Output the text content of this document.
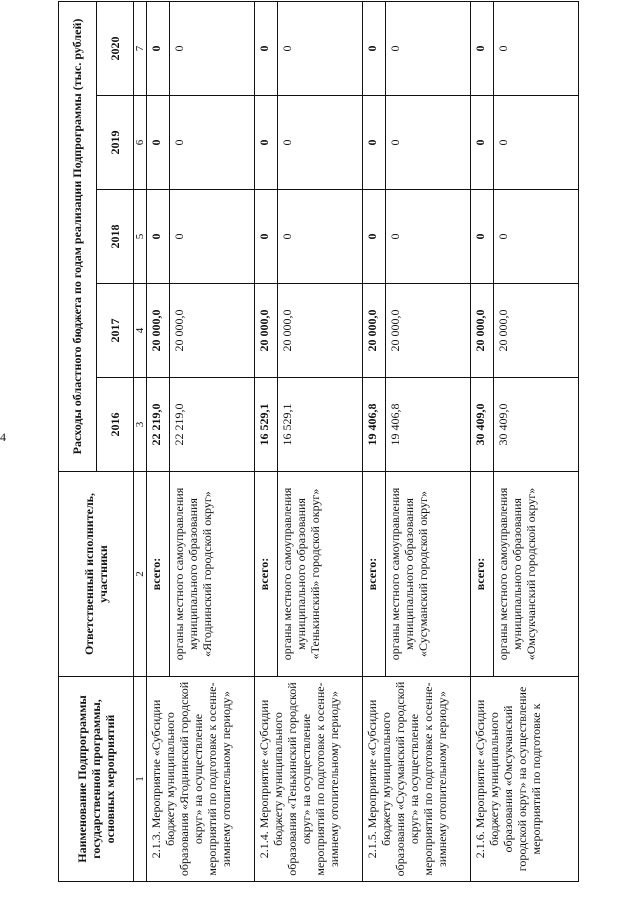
4
Наименование Подпрограммы государственной программы, основных мероприятий	Ответственный исполнитель, участники	Расходы областного бюджета по годам реализации Подпрограммы (тыс. рублей)				
		2016	2017	2018	2019	2020
1	2	3	4	5	6	7
2.1.3. Мероприятие «Субсидии бюджету муниципального образования «Ягоднинский городской округ» на осуществление мероприятий по подготовке к осенне-зимнему отопительному периоду»	всего:	22 219,0	20 000,0	0	0	0
	органы местного самоуправления муниципального образования «Ягоднинский городской округ»	22 219,0	20 000,0	0	0	0
2.1.4. Мероприятие «Субсидии бюджету муниципального образования «Тенькинский городской округ» на осуществление мероприятий по подготовке к осенне-зимнему отопительному периоду»	всего:	16 529,1	20 000,0	0	0	0
	органы местного самоуправления муниципального образования «Тенькинский» городской округ»	16 529,1	20 000,0	0	0	0
2.1.5. Мероприятие «Субсидии бюджету муниципального образования «Сусуманский городской округ» на осуществление мероприятий по подготовке к осенне-зимнему отопительному периоду»	всего:	19 406,8	20 000,0	0	0	0
	органы местного самоуправления муниципального образования «Сусуманский городской округ»	19 406,8	20 000,0	0	0	0
2.1.6. Мероприятие «Субсидии бюджету муниципального образования «Омсукчанский городской округ» на осуществление мероприятий по подготовке к	всего:	30 409,0	20 000,0	0	0	0
	органы местного самоуправления муниципального образования «Омсукчанский городской округ»	30 409,0	20 000,0	0	0	0
